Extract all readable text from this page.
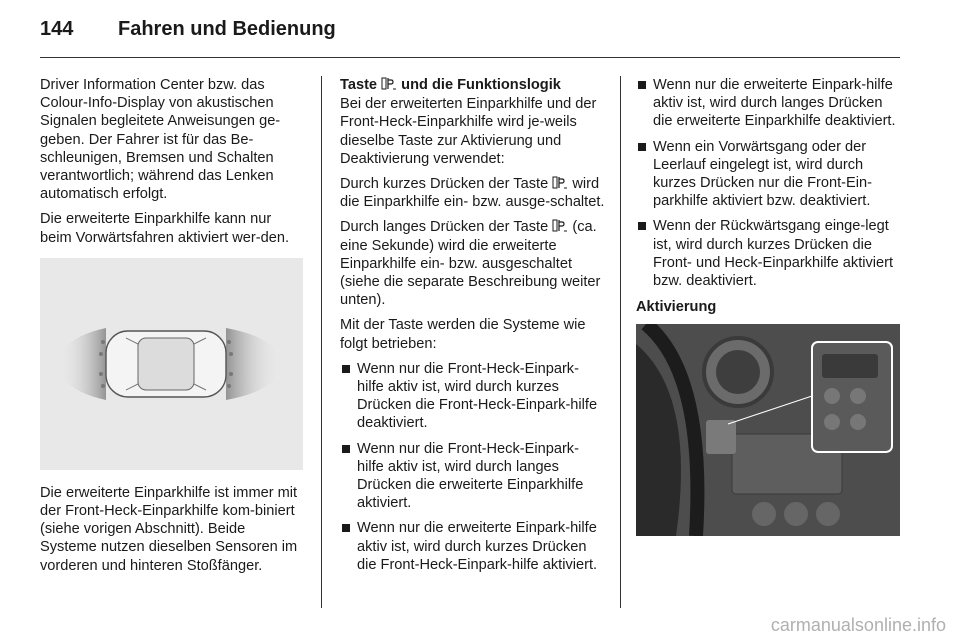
144	Fahren und Bedienung

Driver Information Center bzw. das Colour-Info-Display von akustischen Signalen begleitete Anweisungen ge-geben. Der Fahrer ist für das Be-schleunigen, Bremsen und Schalten verantwortlich; während das Lenken automatisch erfolgt.

Die erweiterte Einparkhilfe kann nur beim Vorwärtsfahren aktiviert wer-den.

Die erweiterte Einparkhilfe ist immer mit der Front-Heck-Einparkhilfe kom-biniert (siehe vorigen Abschnitt). Beide Systeme nutzen dieselben Sensoren im vorderen und hinteren Stoßfänger.

Taste und die Funktionslogik

Bei der erweiterten Einparkhilfe und der Front-Heck-Einparkhilfe wird je-weils dieselbe Taste zur Aktivierung und Deaktivierung verwendet:

Durch kurzes Drücken der Taste wird die Einparkhilfe ein- bzw. ausge-schaltet.

Durch langes Drücken der Taste (ca. eine Sekunde) wird die erweiterte Einparkhilfe ein- bzw. ausgeschaltet (siehe die separate Beschreibung weiter unten).

Mit der Taste werden die Systeme wie folgt betrieben:

Wenn nur die Front-Heck-Einpark-hilfe aktiv ist, wird durch kurzes Drücken die Front-Heck-Einpark-hilfe deaktiviert.
Wenn nur die Front-Heck-Einpark-hilfe aktiv ist, wird durch langes Drücken die erweiterte Einparkhilfe aktiviert.
Wenn nur die erweiterte Einpark-hilfe aktiv ist, wird durch kurzes Drücken die Front-Heck-Einpark-hilfe aktiviert.
Wenn nur die erweiterte Einpark-hilfe aktiv ist, wird durch langes Drücken die erweiterte Einparkhilfe deaktiviert.
Wenn ein Vorwärtsgang oder der Leerlauf eingelegt ist, wird durch kurzes Drücken nur die Front-Ein-parkhilfe aktiviert bzw. deaktiviert.
Wenn der Rückwärtsgang einge-legt ist, wird durch kurzes Drücken die Front- und Heck-Einparkhilfe aktiviert bzw. deaktiviert.

Aktivierung

carmanualsonline.info
